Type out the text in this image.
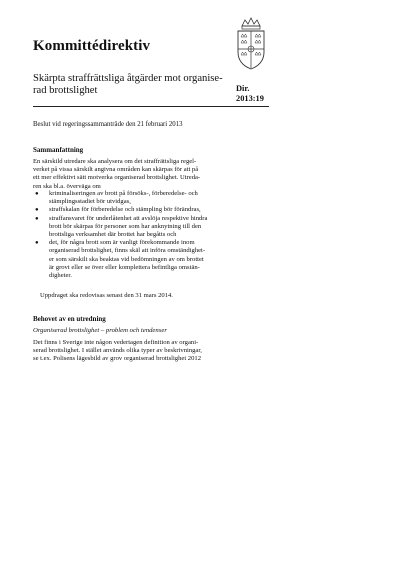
Kommittédirektiv
Skärpta straffrättsliga åtgärder mot organise-
rad brottslighet	Dir.
2013:19
Beslut vid regeringssammanträde den 21 februari 2013
Sammanfattning
En särskild utredare ska analysera om det straffrättsliga regel-
verket på vissa särskilt angivna områden kan skärpas för att på
ett mer effektivt sätt motverka organiserad brottslighet. Utreda-
ren ska bl.a. överväga om
● kriminaliseringen av brott på försöks-, förberedelse- och
stämplingsstadiet bör utvidgas,
● straffskalan för förberedelse och stämpling bör förändras,
● straffansvaret för underlåtenhet att avslöja respektive hindra
brott bör skärpas för personer som har anknytning till den
brottsliga verksamhet där brottet har begåtts och
● det, för några brott som är vanligt förekommande inom
organiserad brottslighet, finns skäl att införa omständighet-
er som särskilt ska beaktas vid bedömningen av om brottet
är grovt eller se över eller komplettera befintliga omstän-
digheter.
Uppdraget ska redovisas senast den 31 mars 2014.
Behovet av en utredning
Organiserad brottslighet – problem och tendenser
Det finns i Sverige inte någon vedertagen definition av organi-
serad brottslighet. I stället används olika typer av beskrivningar,
se t.ex. Polisens lägesbild av grov organiserad brottslighet 2012
